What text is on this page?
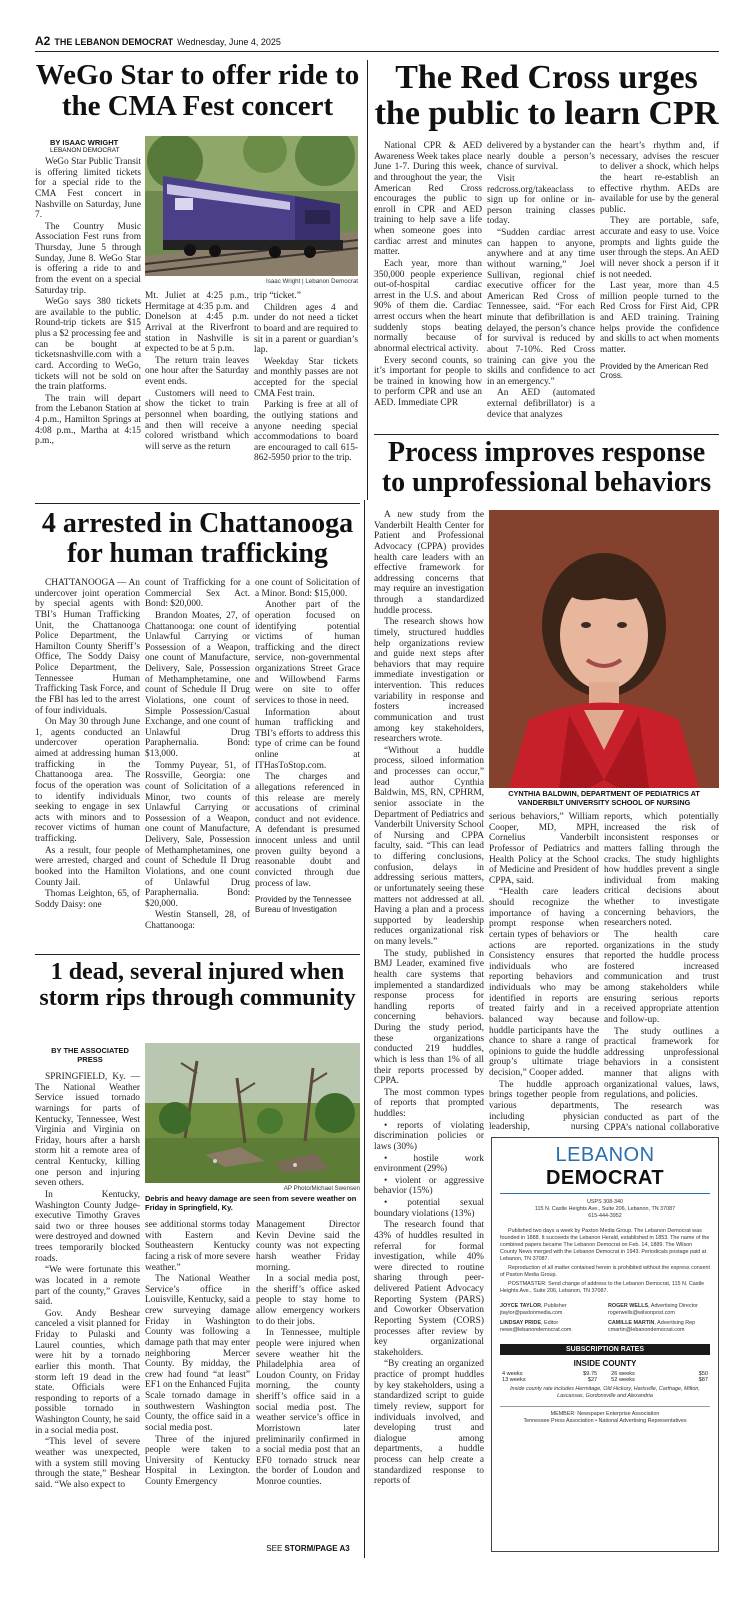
A2 THE LEBANON DEMOCRAT Wednesday, June 4, 2025
WeGo Star to offer ride to the CMA Fest concert
BY ISAAC WRIGHT
LEBANON DEMOCRAT
Isaac Wright | Lebanon Democrat

WeGo Star Public Transit is offering limited tickets for a special ride to the CMA Fest concert in Nashville on Saturday, June 7.

The Country Music Association Fest runs from Thursday, June 5 through Sunday, June 8. WeGo Star is offering a ride to and from the event on a special Saturday trip.

WeGo says 380 tickets are available to the public. Round-trip tickets are $15 plus a $2 processing fee and can be bought at ticketsnashville.com with a card. According to WeGo, tickets will not be sold on the train platforms.

The train will depart from the Lebanon Station at 4 p.m., Hamilton Springs at 4:08 p.m., Martha at 4:15 p.m.,

Mt. Juliet at 4:25 p.m., Hermitage at 4:35 p.m. and Donelson at 4:45 p.m. Arrival at the Riverfront station in Nashville is expected to be at 5 p.m.

The return train leaves one hour after the Saturday event ends.

Customers will need to show the ticket to train personnel when boarding, and then will receive a colored wristband which will serve as the return

trip “ticket.”

Children ages 4 and under do not need a ticket to board and are required to sit in a parent or guardian’s lap.

Weekday Star tickets and monthly passes are not accepted for the special CMA Fest train.

Parking is free at all of the outlying stations and anyone needing special accommodations to board are encouraged to call 615-862-5950 prior to the trip.

The Red Cross urges the public to learn CPR

National CPR & AED Awareness Week takes place June 1-7. During this week, and throughout the year, the American Red Cross encourages the public to enroll in CPR and AED training to help save a life when someone goes into cardiac arrest and minutes matter.

Each year, more than 350,000 people experience out-of-hospital cardiac arrest in the U.S. and about 90% of them die. Cardiac arrest occurs when the heart suddenly stops beating normally because of abnormal electrical activity.

Every second counts, so it’s important for people to be trained in knowing how to perform CPR and use an AED. Immediate CPR

delivered by a bystander can nearly double a person’s chance of survival.

Visit redcross.org/takeaclass to sign up for online or in-person training classes today.

“Sudden cardiac arrest can happen to anyone, anywhere and at any time without warning,” Joel Sullivan, regional chief executive officer for the American Red Cross of Tennessee, said. “For each minute that defibrillation is delayed, the person’s chance for survival is reduced by about 7-10%. Red Cross training can give you the skills and confidence to act in an emergency.”

An AED (automated external defibrillator) is a device that analyzes

the heart’s rhythm and, if necessary, advises the rescuer to deliver a shock, which helps the heart re-establish an effective rhythm. AEDs are available for use by the general public.

They are portable, safe, accurate and easy to use. Voice prompts and lights guide the user through the steps. An AED will never shock a person if it is not needed.

Last year, more than 4.5 million people turned to the Red Cross for First Aid, CPR and AED training. Training helps provide the confidence and skills to act when moments matter.

Provided by the American Red Cross.
Process improves response to unprofessional behaviors
CYNTHIA BALDWIN, DEPARTMENT OF PEDIATRICS AT VANDERBILT UNIVERSITY SCHOOL OF NURSING

A new study from the Vanderbilt Health Center for Patient and Professional Advocacy (CPPA) provides health care leaders with an effective framework for addressing concerns that may require an investigation through a standardized huddle process.

The research shows how timely, structured huddles help organizations review and guide next steps after behaviors that may require immediate investigation or intervention. This reduces variability in response and fosters increased communication and trust among key stakeholders, researchers wrote.

“Without a huddle process, siloed information and processes can occur,” lead author Cynthia Baldwin, MS, RN, CPHRM, senior associate in the Department of Pediatrics and Vanderbilt University School of Nursing and CPPA faculty, said. “This can lead to differing conclusions, confusion, delays in addressing serious matters, or unfortunately seeing these matters not addressed at all. Having a plan and a process supported by leadership reduces organizational risk on many levels.”

The study, published in BMJ Leader, examined five health care systems that implemented a standardized response process for handling reports of concerning behaviors. During the study period, these organizations conducted 219 huddles, which is less than 1% of all their reports processed by CPPA.

The most common types of reports that prompted huddles:

• reports of violating discrimination policies or laws (30%)

• hostile work environment (29%)

• violent or aggressive behavior (15%)

• potential sexual boundary violations (13%)

The research found that 43% of huddles resulted in referral for formal investigation, while 40% were directed to routine sharing through peer-delivered Patient Advocacy Reporting System (PARS) and Coworker Observation Reporting System (CORS) processes after review by key organizational stakeholders.

“By creating an organized practice of prompt huddles by key stakeholders, using a standardized script to guide timely review, support for individuals involved, and developing trust and dialogue among departments, a huddle process can help create a standardized response to reports of

serious behaviors,” William Cooper, MD, MPH, Cornelius Vanderbilt Professor of Pediatrics and Health Policy at the School of Medicine and President of CPPA, said.

“Health care leaders should recognize the importance of having a prompt response when certain types of behaviors or actions are reported. Consistency ensures that individuals who are reporting behaviors and individuals who may be identified in reports are treated fairly and in a balanced way because huddle participants have the chance to share a range of opinions to guide the huddle group’s ultimate triage decision,” Cooper added.

The huddle approach brings together people from various departments, including physician leadership, nursing

reports, which potentially increased the risk of inconsistent responses or matters falling through the cracks. The study highlights how huddles prevent a single individual from making critical decisions about whether to investigate concerning behaviors, the researchers noted.

The health care organizations in the study reported the huddle process fostered increased communication and trust among stakeholders while ensuring serious reports received appropriate attention and follow-up.

The study outlines a practical framework for addressing unprofessional behaviors in a consistent manner that aligns with organizational values, laws, regulations, and policies.

The research was conducted as part of the CPPA’s national collaborative

LEBANON DEMOCRAT
USPS 308-340
115 N. Castle Heights Ave., Suite 206, Lebanon, TN 37087
615-444-3952
Published two days a week by Paxton Media Group. The Lebanon Democrat was founded in 1888. It succeeds the Lebanon Herald, established in 1853. The name of the combined papers became The Lebanon Democrat on Feb. 14, 1889. The Wilson County News merged with the Lebanon Democrat in 1943. Periodicals postage paid at Lebanon, TN 37087.
Reproduction of all matter contained herein is prohibited without the express consent of Paxton Media Group.
POSTMASTER: Send change of address to the Lebanon Democrat, 115 N. Castle Heights Ave., Suite 206, Lebanon, TN 37087.
JOYCE TAYLOR, Publisher
jtaylor@paxtonmedia.com
ROGER WELLS, Advertising Director
rogerwells@wilsonpost.com
LINDSAY PRIDE, Editor
news@lebanondemocrat.com
CAMILLE MARTIN, Advertising Rep
cmartin@lebanondemocrat.com
SUBSCRIPTION RATES
INSIDE COUNTY
4 weeks	$9.75	26 weeks	$50
13 weeks	$27	52 weeks	$87
Inside county rate includes Hermitage, Old Hickory, Hartsville, Carthage, Milton, Lascassas, Gordonsville and Alexandria
MEMBER: Newspaper Enterprise Association
Tennessee Press Association • National Advertising Representatives
4 arrested in Chattanooga for human trafficking

CHATTANOOGA — An undercover joint operation by special agents with TBI’s Human Trafficking Unit, the Chattanooga Police Department, the Hamilton County Sheriff’s Office, The Soddy Daisy Police Department, the Tennessee Human Trafficking Task Force, and the FBI has led to the arrest of four individuals.

On May 30 through June 1, agents conducted an undercover operation aimed at addressing human trafficking in the Chattanooga area. The focus of the operation was to identify individuals seeking to engage in sex acts with minors and to recover victims of human trafficking.

As a result, four people were arrested, charged and booked into the Hamilton County Jail.

Thomas Leighton, 65, of Soddy Daisy: one

count of Trafficking for a Commercial Sex Act. Bond: $20,000.

Brandon Moates, 27, of Chattanooga: one count of Unlawful Carrying or Possession of a Weapon, one count of Manufacture, Delivery, Sale, Possession of Methamphetamine, one count of Schedule II Drug Violations, one count of Simple Possession/Casual Exchange, and one count of Unlawful Drug Paraphernalia. Bond: $13,000.

Tommy Puyear, 51, of Rossville, Georgia: one count of Solicitation of a Minor, two counts of Unlawful Carrying or Possession of a Weapon, one count of Manufacture, Delivery, Sale, Possession of Methamphetamines, one count of Schedule II Drug Violations, and one count of Unlawful Drug Paraphernalia. Bond: $20,000.

Westin Stansell, 28, of Chattanooga:

one count of Solicitation of a Minor. Bond: $15,000.

Another part of the operation focused on identifying potential victims of human trafficking and the direct service, non-governmental organizations Street Grace and Willowbend Farms were on site to offer services to those in need.

Information about human trafficking and TBI’s efforts to address this type of crime can be found online at ITHasToStop.com.

The charges and allegations referenced in this release are merely accusations of criminal conduct and not evidence. A defendant is presumed innocent unless and until proven guilty beyond a reasonable doubt and convicted through due process of law.

Provided by the Tennessee Bureau of Investigation
1 dead, several injured when storm rips through community
BY THE ASSOCIATED PRESS
AP Photo/Michael Swensen
Debris and heavy damage are seen from severe weather on Friday in Springfield, Ky.

SPRINGFIELD, Ky. — The National Weather Service issued tornado warnings for parts of Kentucky, Tennessee, West Virginia and Virginia on Friday, hours after a harsh storm hit a remote area of central Kentucky, killing one person and injuring seven others.

In Kentucky, Washington County Judge-executive Timothy Graves said two or three houses were destroyed and downed trees temporarily blocked roads.

“We were fortunate this was located in a remote part of the county,” Graves said.

Gov. Andy Beshear canceled a visit planned for Friday to Pulaski and Laurel counties, which were hit by a tornado earlier this month. That storm left 19 dead in the state. Officials were responding to reports of a possible tornado in Washington County, he said in a social media post.

“This level of severe weather was unexpected, with a system still moving through the state,” Beshear said. “We also expect to

see additional storms today with Eastern and Southeastern Kentucky facing a risk of more severe weather.”

The National Weather Service’s office in Louisville, Kentucky, said a crew surveying damage Friday in Washington County was following a damage path that may enter neighboring Mercer County. By midday, the crew had found “at least” EF1 on the Enhanced Fujita Scale tornado damage in southwestern Washington County, the office said in a social media post.

Three of the injured people were taken to University of Kentucky Hospital in Lexington. County Emergency

Management Director Kevin Devine said the county was not expecting harsh weather Friday morning.

In a social media post, the sheriff’s office asked people to stay home to allow emergency workers to do their jobs.

In Tennessee, multiple people were injured when severe weather hit the Philadelphia area of Loudon County, on Friday morning, the county sheriff’s office said in a social media post. The weather service’s office in Morristown later preliminarily confirmed in a social media post that an EF0 tornado struck near the border of Loudon and Monroe counties.

SEE STORM/PAGE A3
